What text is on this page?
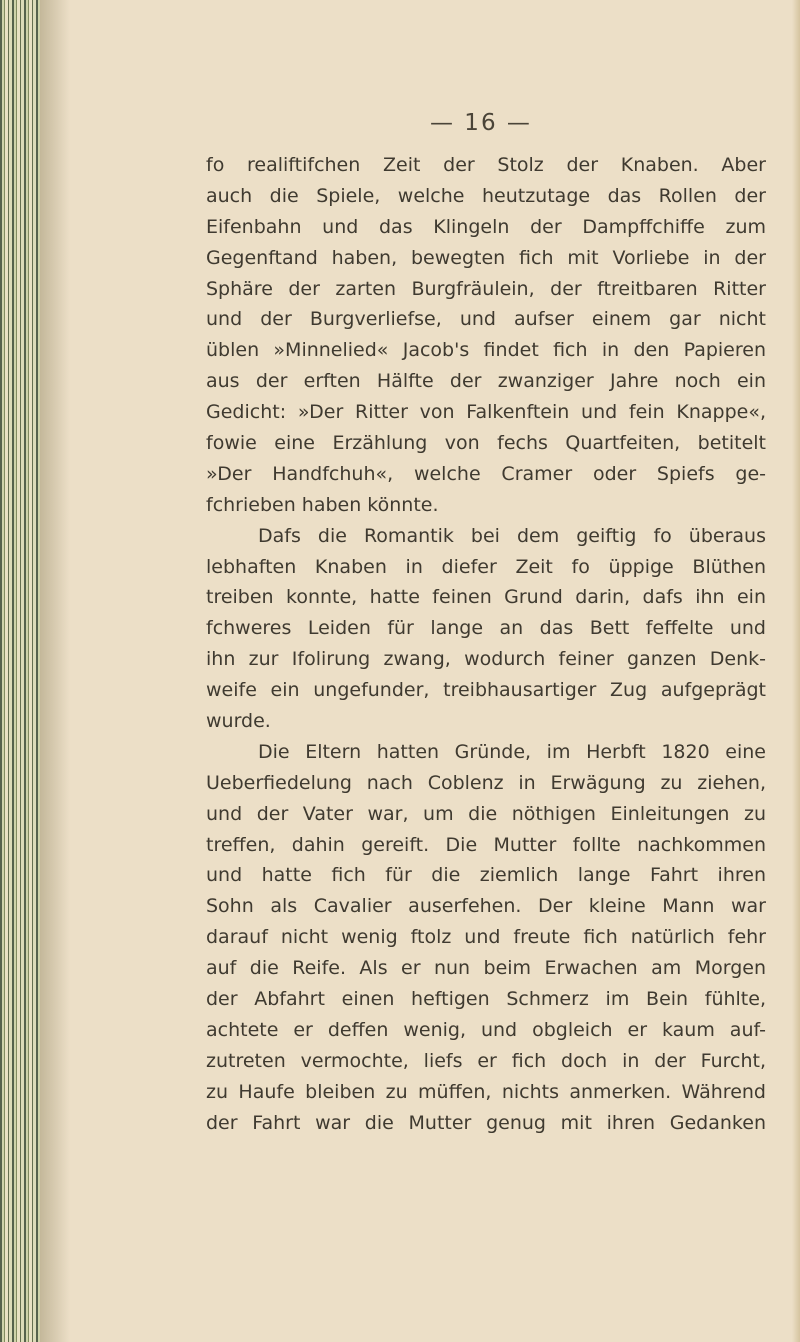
— 16 —
fo realiftifchen Zeit der Stolz der Knaben. Aber
auch die Spiele, welche heutzutage das Rollen der
Eifenbahn und das Klingeln der Dampffchiffe zum
Gegenftand haben, bewegten fich mit Vorliebe in der
Sphäre der zarten Burgfräulein, der ftreitbaren Ritter
und der Burgverliefse, und aufser einem gar nicht
üblen »Minnelied« Jacob's findet fich in den Papieren
aus der erften Hälfte der zwanziger Jahre noch ein
Gedicht: »Der Ritter von Falkenftein und fein Knappe«,
fowie eine Erzählung von fechs Quartfeiten, betitelt
»Der Handfchuh«, welche Cramer oder Spiefs ge-
fchrieben haben könnte.
Dafs die Romantik bei dem geiftig fo überaus
lebhaften Knaben in diefer Zeit fo üppige Blüthen
treiben konnte, hatte feinen Grund darin, dafs ihn ein
fchweres Leiden für lange an das Bett feffelte und
ihn zur Ifolirung zwang, wodurch feiner ganzen Denk-
weife ein ungefunder, treibhausartiger Zug aufgeprägt
wurde.
Die Eltern hatten Gründe, im Herbft 1820 eine
Ueberfiedelung nach Coblenz in Erwägung zu ziehen,
und der Vater war, um die nöthigen Einleitungen zu
treffen, dahin gereift. Die Mutter follte nachkommen
und hatte fich für die ziemlich lange Fahrt ihren
Sohn als Cavalier auserfehen. Der kleine Mann war
darauf nicht wenig ftolz und freute fich natürlich fehr
auf die Reife. Als er nun beim Erwachen am Morgen
der Abfahrt einen heftigen Schmerz im Bein fühlte,
achtete er deffen wenig, und obgleich er kaum auf-
zutreten vermochte, liefs er fich doch in der Furcht,
zu Haufe bleiben zu müffen, nichts anmerken. Während
der Fahrt war die Mutter genug mit ihren Gedanken
